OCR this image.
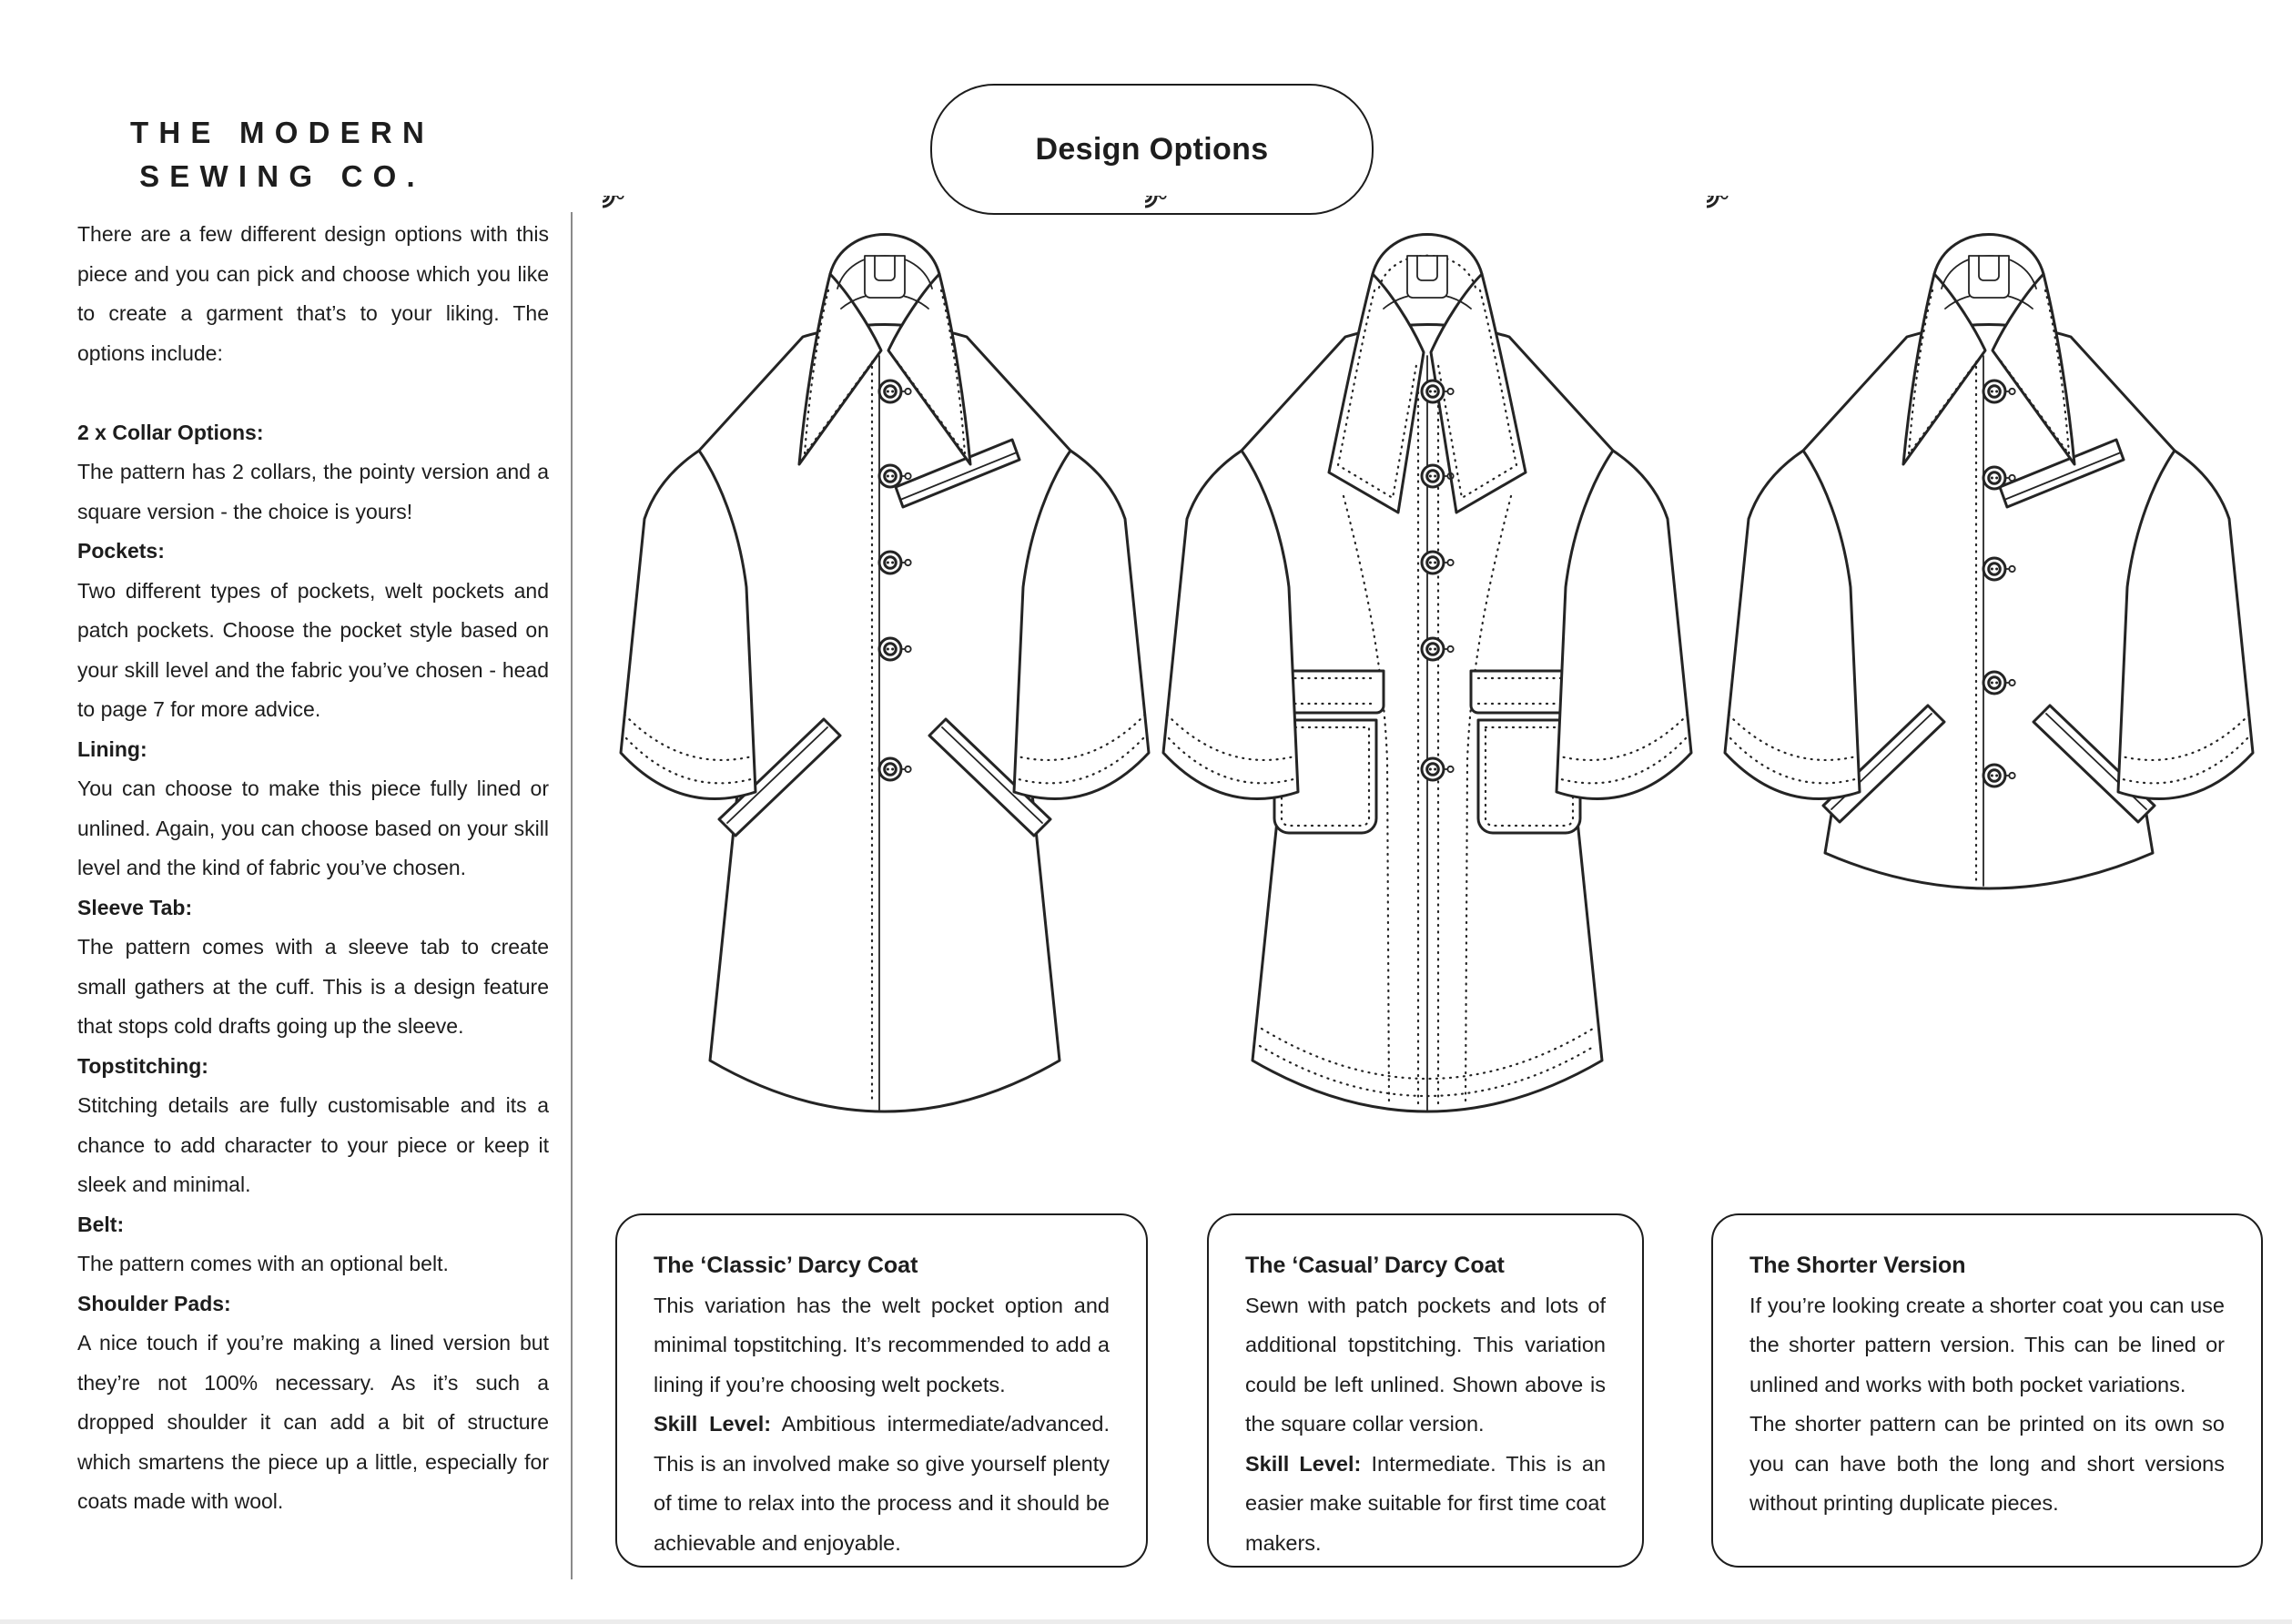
THE MODERN
SEWING CO.
Design Options

There are a few different design options with this piece and you can pick and choose which you like to create a garment that’s to your liking. The options include:

2 x Collar Options:

The pattern has 2 collars, the pointy version and a square version - the choice is yours!

Pockets:

Two different types of pockets, welt pockets and patch pockets. Choose the pocket style based on your skill level and the fabric you’ve chosen - head to page 7 for more advice.

Lining:

You can choose to make this piece fully lined or unlined. Again, you can choose based on your skill level and the kind of fabric you’ve chosen.

Sleeve Tab:

The pattern comes with a sleeve tab to create small gathers at the cuff. This is a design feature that stops cold drafts going up the sleeve.

Topstitching:

Stitching details are fully customisable and its a chance to add character to your piece or keep it sleek and minimal.

Belt:

The pattern comes with an optional belt.

Shoulder Pads:

A nice touch if you’re making a lined version but they’re not 100% necessary. As it’s such a dropped shoulder it can add a bit of structure which smartens the piece up a little, especially for coats made with wool.

The ‘Classic’ Darcy Coat

This variation has the welt pocket option and minimal topstitching. It’s recommended to add a lining if you’re choosing welt pockets.

Skill Level: Ambitious intermediate/advanced. This is an involved make so give yourself plenty of time to relax into the process and it should be achievable and enjoyable.

The ‘Casual’ Darcy Coat

Sewn with patch pockets and lots of additional topstitching. This variation could be left unlined. Shown above is the square collar version.

Skill Level: Intermediate. This is an easier make suitable for first time coat makers.

The Shorter Version

If you’re looking create a shorter coat you can use the shorter pattern version. This can be lined or unlined and works with both pocket variations.

The shorter pattern can be printed on its own so you can have both the long and short versions without printing duplicate pieces.
